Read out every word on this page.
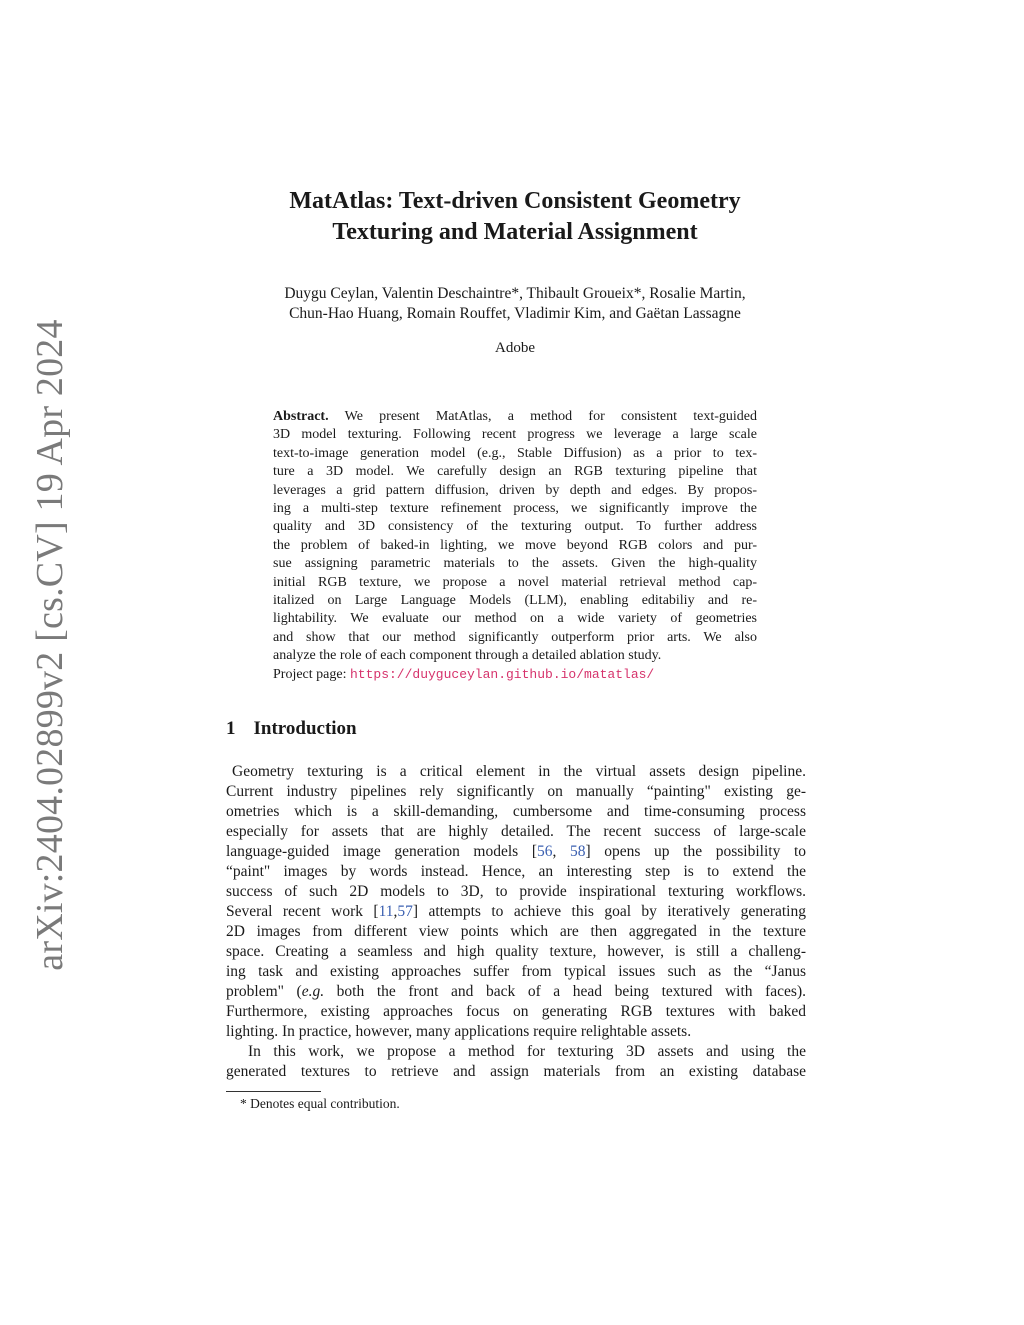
arXiv:2404.02899v2 [cs.CV] 19 Apr 2024
MatAtlas: Text-driven Consistent Geometry
Texturing and Material Assignment
Duygu Ceylan, Valentin Deschaintre*, Thibault Groueix*, Rosalie Martin,
Chun-Hao Huang, Romain Rouffet, Vladimir Kim, and Gaëtan Lassagne
Adobe
Abstract. We present MatAtlas, a method for consistent text-guided
3D model texturing. Following recent progress we leverage a large scale
text-to-image generation model (e.g., Stable Diffusion) as a prior to tex-
ture a 3D model. We carefully design an RGB texturing pipeline that
leverages a grid pattern diffusion, driven by depth and edges. By propos-
ing a multi-step texture refinement process, we significantly improve the
quality and 3D consistency of the texturing output. To further address
the problem of baked-in lighting, we move beyond RGB colors and pur-
sue assigning parametric materials to the assets. Given the high-quality
initial RGB texture, we propose a novel material retrieval method cap-
italized on Large Language Models (LLM), enabling editabiliy and re-
lightability. We evaluate our method on a wide variety of geometries
and show that our method significantly outperform prior arts. We also
analyze the role of each component through a detailed ablation study.
Project page: https://duyguceylan.github.io/matatlas/
1 Introduction
Geometry texturing is a critical element in the virtual assets design pipeline.
Current industry pipelines rely significantly on manually “painting" existing ge-
ometries which is a skill-demanding, cumbersome and time-consuming process
especially for assets that are highly detailed. The recent success of large-scale
language-guided image generation models [56, 58] opens up the possibility to
“paint" images by words instead. Hence, an interesting step is to extend the
success of such 2D models to 3D, to provide inspirational texturing workflows.
Several recent work [11,57] attempts to achieve this goal by iteratively generating
2D images from different view points which are then aggregated in the texture
space. Creating a seamless and high quality texture, however, is still a challeng-
ing task and existing approaches suffer from typical issues such as the “Janus
problem" (e.g. both the front and back of a head being textured with faces).
Furthermore, existing approaches focus on generating RGB textures with baked
lighting. In practice, however, many applications require relightable assets.
In this work, we propose a method for texturing 3D assets and using the
generated textures to retrieve and assign materials from an existing database
* Denotes equal contribution.
